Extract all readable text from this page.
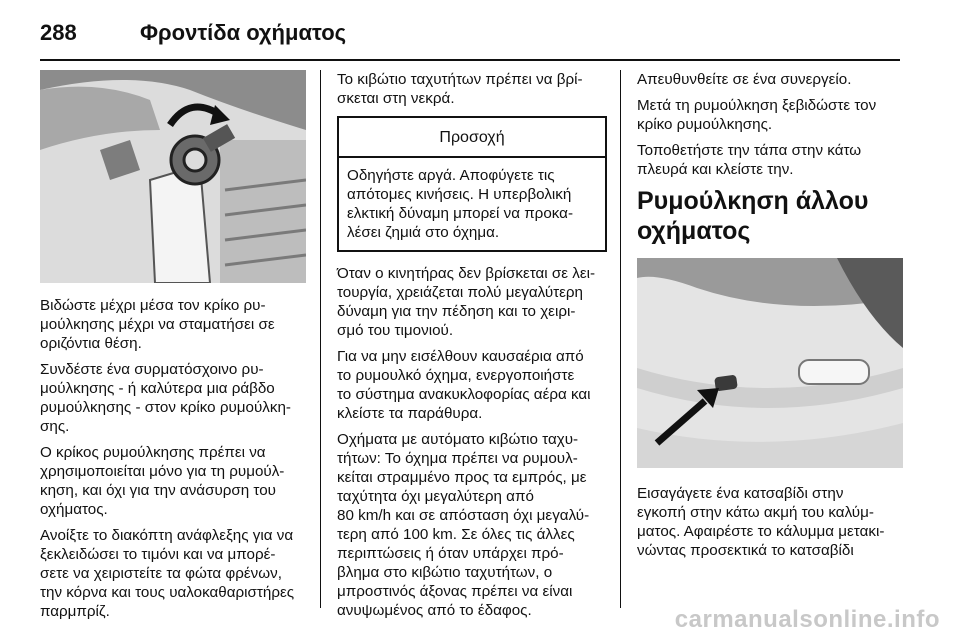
288	Φροντίδα οχήματος

Βιδώστε μέχρι μέσα τον κρίκο ρυ-
μούλκησης μέχρι να σταματήσει σε
οριζόντια θέση.

Συνδέστε ένα συρματόσχοινο ρυ-
μούλκησης - ή καλύτερα μια ράβδο
ρυμούλκησης - στον κρίκο ρυμούλκη-
σης.

Ο κρίκος ρυμούλκησης πρέπει να
χρησιμοποιείται μόνο για τη ρυμούλ-
κηση, και όχι για την ανάσυρση του
οχήματος.

Ανοίξτε το διακόπτη ανάφλεξης για να
ξεκλειδώσει το τιμόνι και να μπορέ-
σετε να χειριστείτε τα φώτα φρένων,
την κόρνα και τους υαλοκαθαριστήρες
παρμπρίζ.

Το κιβώτιο ταχυτήτων πρέπει να βρί-
σκεται στη νεκρά.

Προσοχή
Οδηγήστε αργά. Αποφύγετε τις
απότομες κινήσεις. Η υπερβολική
ελκτική δύναμη μπορεί να προκα-
λέσει ζημιά στο όχημα.

Όταν ο κινητήρας δεν βρίσκεται σε λει-
τουργία, χρειάζεται πολύ μεγαλύτερη
δύναμη για την πέδηση και το χειρι-
σμό του τιμονιού.

Για να μην εισέλθουν καυσαέρια από
το ρυμουλκό όχημα, ενεργοποιήστε
το σύστημα ανακυκλοφορίας αέρα και
κλείστε τα παράθυρα.

Οχήματα με αυτόματο κιβώτιο ταχυ-
τήτων: Το όχημα πρέπει να ρυμουλ-
κείται στραμμένο προς τα εμπρός, με
ταχύτητα όχι μεγαλύτερη από
80 km/h και σε απόσταση όχι μεγαλύ-
τερη από 100 km. Σε όλες τις άλλες
περιπτώσεις ή όταν υπάρχει πρό-
βλημα στο κιβώτιο ταχυτήτων, ο
μπροστινός άξονας πρέπει να είναι
ανυψωμένος από το έδαφος.

Απευθυνθείτε σε ένα συνεργείο.

Μετά τη ρυμούλκηση ξεβιδώστε τον
κρίκο ρυμούλκησης.

Τοποθετήστε την τάπα στην κάτω
πλευρά και κλείστε την.

Ρυμούλκηση άλλου
οχήματος

Εισαγάγετε ένα κατσαβίδι στην
εγκοπή στην κάτω ακμή του καλύμ-
ματος. Αφαιρέστε το κάλυμμα μετακι-
νώντας προσεκτικά το κατσαβίδι

carmanualsonline.info
